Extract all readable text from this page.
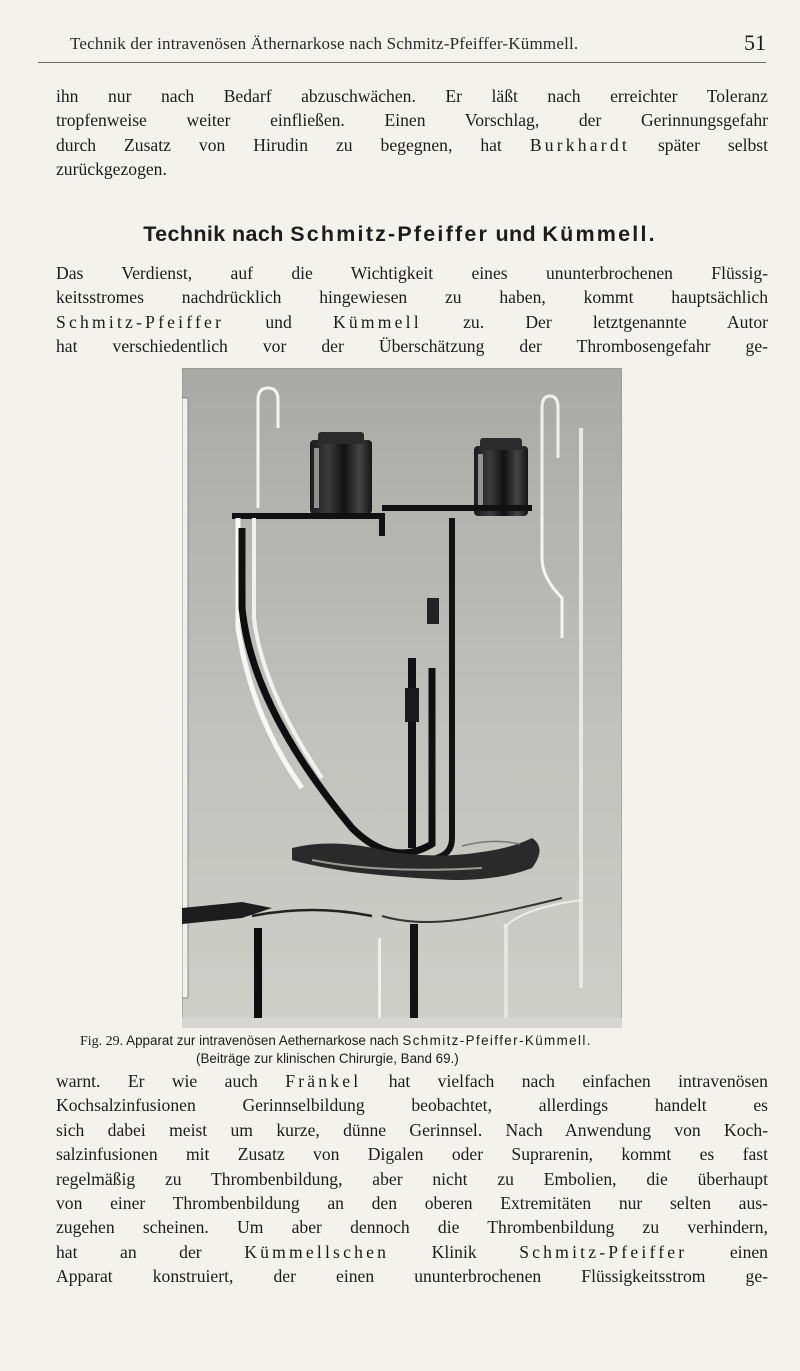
Technik der intravenösen Äthernarkose nach Schmitz-Pfeiffer-Kümmell.	51

ihn nur nach Bedarf abzuschwächen. Er läßt nach erreichter Toleranz
tropfenweise weiter einfließen. Einen Vorschlag, der Gerinnungsgefahr
durch Zusatz von Hirudin zu begegnen, hat Burkhardt später selbst
zurückgezogen.

Technik nach Schmitz-Pfeiffer und Kümmell.

Das Verdienst, auf die Wichtigkeit eines ununterbrochenen Flüssig-
keitsstromes nachdrücklich hingewiesen zu haben, kommt hauptsächlich
Schmitz-Pfeiffer und Kümmell zu. Der letztgenannte Autor
hat verschiedentlich vor der Überschätzung der Thrombosengefahr ge-

Fig. 29. Apparat zur intravenösen Aethernarkose nach Schmitz-Pfeiffer-Kümmell.
(Beiträge zur klinischen Chirurgie, Band 69.)

warnt. Er wie auch Fränkel hat vielfach nach einfachen intravenösen
Kochsalzinfusionen Gerinnselbildung beobachtet, allerdings handelt es
sich dabei meist um kurze, dünne Gerinnsel. Nach Anwendung von Koch-
salzinfusionen mit Zusatz von Digalen oder Suprarenin, kommt es fast
regelmäßig zu Thrombenbildung, aber nicht zu Embolien, die überhaupt
von einer Thrombenbildung an den oberen Extremitäten nur selten aus-
zugehen scheinen. Um aber dennoch die Thrombenbildung zu verhindern,
hat an der Kümmellschen Klinik Schmitz-Pfeiffer einen
Apparat konstruiert, der einen ununterbrochenen Flüssigkeitsstrom ge-
